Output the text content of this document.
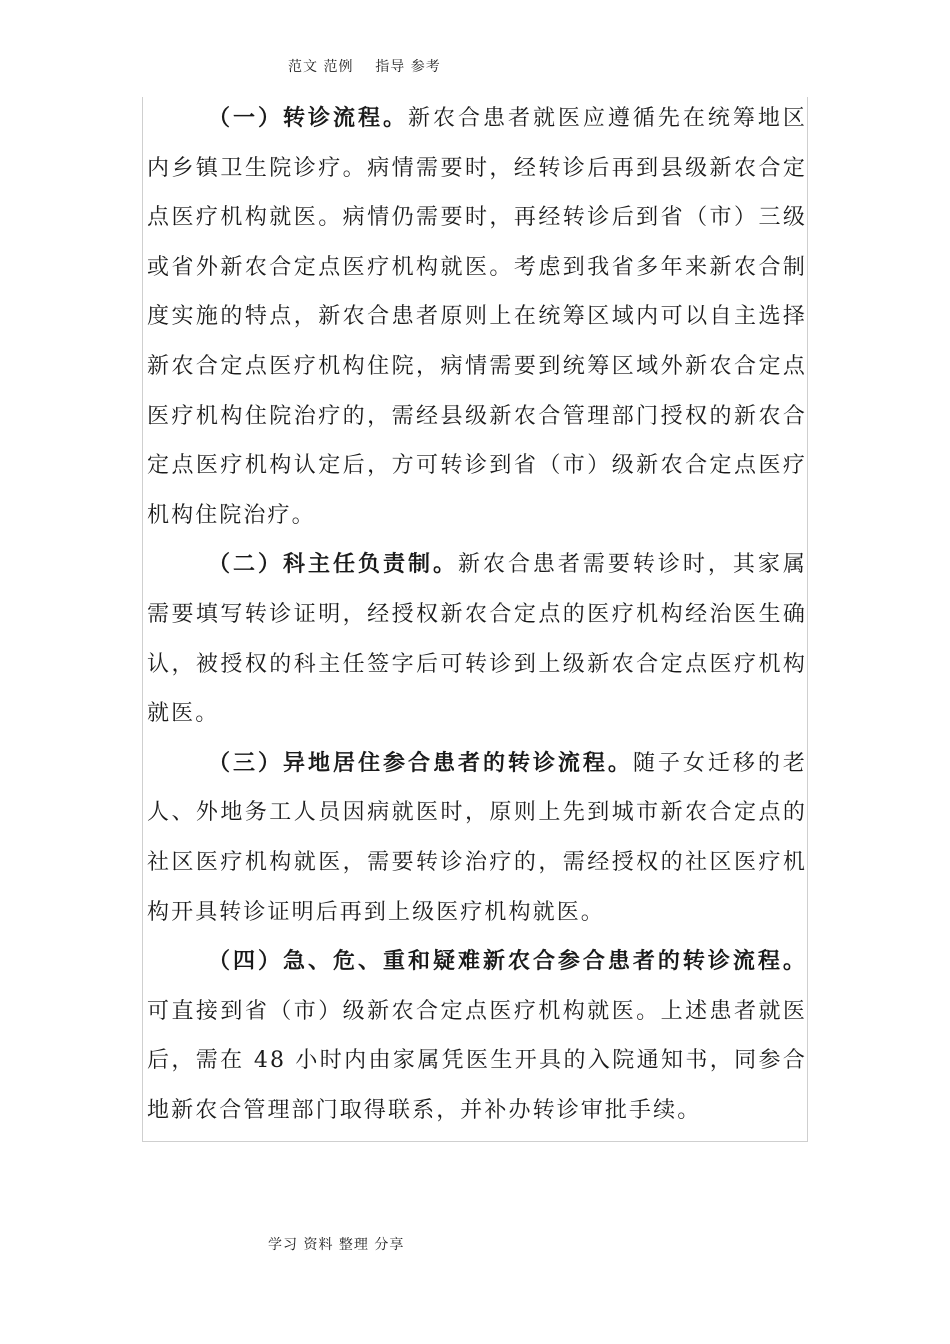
范文 范例    指导 参考

（一）转诊流程。新农合患者就医应遵循先在统筹地区内乡镇卫生院诊疗。病情需要时，经转诊后再到县级新农合定点医疗机构就医。病情仍需要时，再经转诊后到省（市）三级或省外新农合定点医疗机构就医。考虑到我省多年来新农合制度实施的特点，新农合患者原则上在统筹区域内可以自主选择新农合定点医疗机构住院，病情需要到统筹区域外新农合定点医疗机构住院治疗的，需经县级新农合管理部门授权的新农合定点医疗机构认定后，方可转诊到省（市）级新农合定点医疗机构住院治疗。

（二）科主任负责制。新农合患者需要转诊时，其家属需要填写转诊证明，经授权新农合定点的医疗机构经治医生确认，被授权的科主任签字后可转诊到上级新农合定点医疗机构就医。

（三）异地居住参合患者的转诊流程。随子女迁移的老人、外地务工人员因病就医时，原则上先到城市新农合定点的社区医疗机构就医，需要转诊治疗的，需经授权的社区医疗机构开具转诊证明后再到上级医疗机构就医。

（四）急、危、重和疑难新农合参合患者的转诊流程。可直接到省（市）级新农合定点医疗机构就医。上述患者就医后，需在 48 小时内由家属凭医生开具的入院通知书，同参合地新农合管理部门取得联系，并补办转诊审批手续。

学习 资料 整理 分享
